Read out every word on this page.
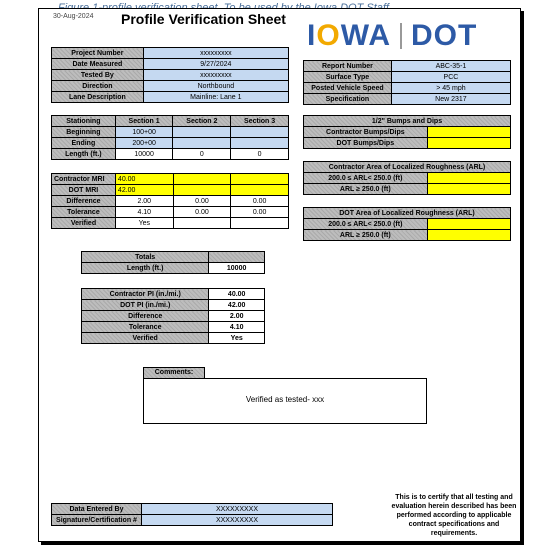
30-Aug-2024 Profile Verification Sheet I O WA DOT
Project Number	xxxxxxxxx
Date Measured	9/27/2024
Tested By	xxxxxxxxx
Direction	Northbound
Lane Description	Mainline: Lane 1
Report Number	ABC-35-1
Surface Type	PCC
Posted Vehicle Speed	> 45 mph
Specification	New 2317
Stationing	Section 1	Section 2	Section 3
Beginning	100+00		
Ending	200+00		
Length (ft.)	10000	0	0
Contractor MRI	40.00		
DOT MRI	42.00		
Difference	2.00	0.00	0.00
Tolerance	4.10	0.00	0.00
Verified	Yes		
1/2" Bumps and Dips	
Contractor Bumps/Dips	
DOT Bumps/Dips	
Contractor Area of Localized Roughness (ARL)	
200.0 ≤ ARL< 250.0 (ft)	
ARL ≥ 250.0 (ft)	
DOT Area of Localized Roughness (ARL)	
200.0 ≤ ARL< 250.0 (ft)	
ARL ≥ 250.0 (ft)	
Totals	
Length (ft.)	10000
Contractor PI (in./mi.)	40.00
DOT PI (in./mi.)	42.00
Difference	2.00
Tolerance	4.10
Verified	Yes
Comments:
Verified as tested- xxx
Data Entered By	XXXXXXXXX
Signature/Certification #	XXXXXXXXX
This is to certify that all testing and evaluation herein described has been performed according to applicable contract specifications and requirements.
